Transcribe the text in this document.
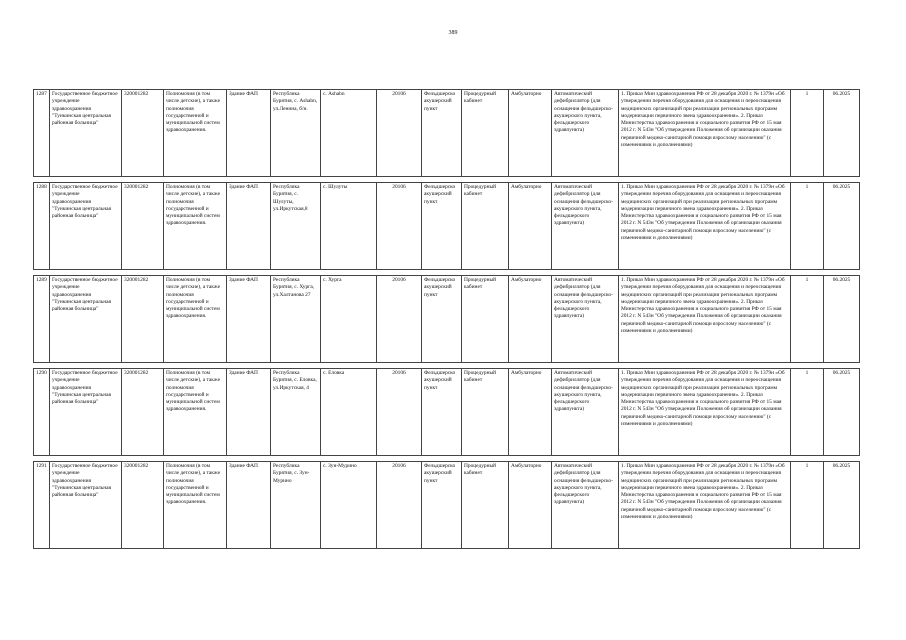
389
1287	Государственное бюджетное учреждение здравоохранения "Тункинская центральная районная больница"	320001282	Полномочия (в том числе детские), а также полномочия государственной и муниципальной систем здравоохранения.	Здание ФАП	Республика Бурятия, с. Аshabn, ул.Ленина, б/н.	с. Аshabn	20106	Фельдшерско акушерский пункт	Процедурный кабинет	Амбулаторно	Автоматический дефибриллятор (для оснащения фельдшерско-акушерского пункта, фельдшерского здравпункта)	1. Приказ Мин здравоохранения РФ от 28 декабря 2020 г. № 1379н «Об утверждении перечня оборудования для оснащения и переоснащения медицинских организаций при реализации региональных программ модернизации первичного звена здравоохранения». 2. Приказ Министерства здравоохранения и социального развития РФ от 15 мая 2012 г. N 543н "Об утверждении Положения об организации оказания первичной медико-санитарной помощи взрослому населению" (с изменениями и дополнениями)	1	06.2025

1288	Государственное бюджетное учреждение здравоохранения "Тункинская центральная районная больница"	320001282	Полномочия (в том числе детские), а также полномочия государственной и муниципальной систем здравоохранения.	Здание ФАП	Республика Бурятия, с. Шулуты, ул.Иркутская,8	с. Шулуты	20106	Фельдшерско акушерский пункт	Процедурный кабинет	Амбулаторно	Автоматический дефибриллятор (для оснащения фельдшерско-акушерского пункта, фельдшерского здравпункта)	1. Приказ Мин здравоохранения РФ от 28 декабря 2020 г. № 1379н «Об утверждении перечня оборудования для оснащения и переоснащения медицинских организаций при реализации региональных программ модернизации первичного звена здравоохранения». 2. Приказ Министерства здравоохранения и социального развития РФ от 15 мая 2012 г. N 543н "Об утверждении Положения об организации оказания первичной медико-санитарной помощи взрослому населению" (с изменениями и дополнениями)	1	06.2025

1289	Государственное бюджетное учреждение здравоохранения "Тункинская центральная районная больница"	320001282	Полномочия (в том числе детские), а также полномочия государственной и муниципальной систем здравоохранения.	Здание ФАП	Республика Бурятия, с. Хурга, ул.Халтанова 27	с. Хурга	20106	Фельдшерско акушерский пункт	Процедурный кабинет	Амбулаторно	Автоматический дефибриллятор (для оснащения фельдшерско-акушерского пункта, фельдшерского здравпункта)	1. Приказ Мин здравоохранения РФ от 28 декабря 2020 г. № 1379н «Об утверждении перечня оборудования для оснащения и переоснащения медицинских организаций при реализации региональных программ модернизации первичного звена здравоохранения». 2. Приказ Министерства здравоохранения и социального развития РФ от 15 мая 2012 г. N 543н "Об утверждении Положения об организации оказания первичной медико-санитарной помощи взрослому населению" (с изменениями и дополнениями)	1	06.2025

1290	Государственное бюджетное учреждение здравоохранения "Тункинская центральная районная больница"	320001282	Полномочия (в том числе детские), а также полномочия государственной и муниципальной систем здравоохранения.	Здание ФАП	Республика Бурятия, с. Еловка, ул.Иркутская, 4	с. Еловка	20106	Фельдшерско акушерский пункт	Процедурный кабинет	Амбулаторно	Автоматический дефибриллятор (для оснащения фельдшерско-акушерского пункта, фельдшерского здравпункта)	1. Приказ Мин здравоохранения РФ от 28 декабря 2020 г. № 1379н «Об утверждении перечня оборудования для оснащения и переоснащения медицинских организаций при реализации региональных программ модернизации первичного звена здравоохранения». 2. Приказ Министерства здравоохранения и социального развития РФ от 15 мая 2012 г. N 543н "Об утверждении Положения об организации оказания первичной медико-санитарной помощи взрослому населению" (с изменениями и дополнениями)	1	06.2025

1291	Государственное бюджетное учреждение здравоохранения "Тункинская центральная районная больница"	320001282	Полномочия (в том числе детские), а также полномочия государственной и муниципальной систем здравоохранения.	Здание ФАП	Республика Бурятия, с. Зун-Мурино	с. Зун-Мурино	20106	Фельдшерско акушерский пункт	Процедурный кабинет	Амбулаторно	Автоматический дефибриллятор (для оснащения фельдшерско-акушерского пункта, фельдшерского здравпункта)	1. Приказ Мин здравоохранения РФ от 28 декабря 2020 г. № 1379н «Об утверждении перечня оборудования для оснащения и переоснащения медицинских организаций при реализации региональных программ модернизации первичного звена здравоохранения». 2. Приказ Министерства здравоохранения и социального развития РФ от 15 мая 2012 г. N 543н "Об утверждении Положения об организации оказания первичной медико-санитарной помощи взрослому населению" (с изменениями и дополнениями)	1	06.2025
